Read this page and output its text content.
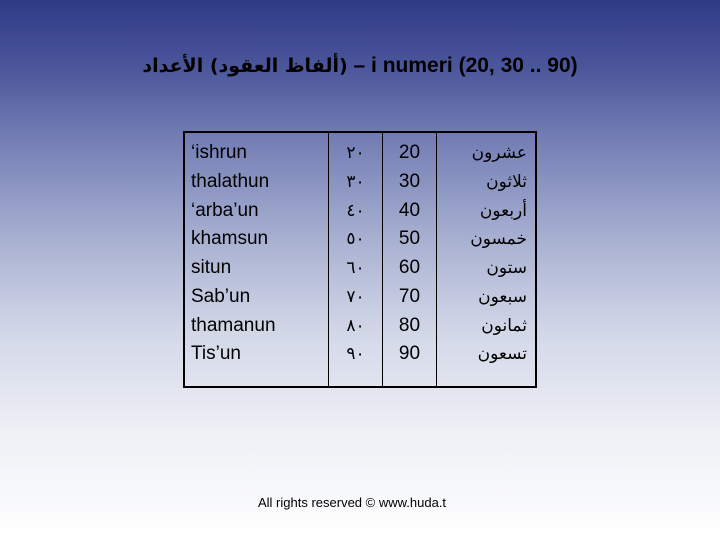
(ألفاظ العقود) الأعداد – i numeri (20, 30 .. 90)
‘ishrun
thalathun
‘arba’un
khamsun
situn
Sab’un
thamanun
Tis’un
٢٠
٣٠
٤٠
٥٠
٦٠
٧٠
٨٠
٩٠
20
30
40
50
60
70
80
90
عشرون
ثلاثون
أربعون
خمسون
ستون
سبعون
ثمانون
تسعون
All rights reserved © www.huda.t
